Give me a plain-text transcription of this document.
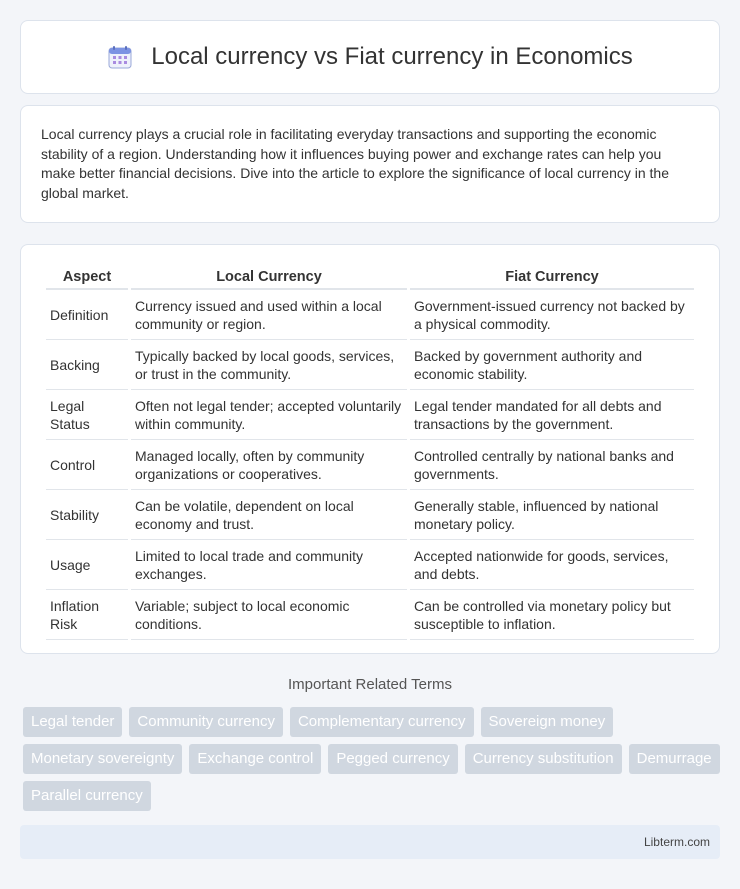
Local currency vs Fiat currency in Economics

Local currency plays a crucial role in facilitating everyday transactions and supporting the economic stability of a region. Understanding how it influences buying power and exchange rates can help you make better financial decisions. Dive into the article to explore the significance of local currency in the global market.

Aspect	Local Currency	Fiat Currency
Definition	Currency issued and used within a local community or region.	Government-issued currency not backed by a physical commodity.
Backing	Typically backed by local goods, services, or trust in the community.	Backed by government authority and economic stability.
Legal Status	Often not legal tender; accepted voluntarily within community.	Legal tender mandated for all debts and transactions by the government.
Control	Managed locally, often by community organizations or cooperatives.	Controlled centrally by national banks and governments.
Stability	Can be volatile, dependent on local economy and trust.	Generally stable, influenced by national monetary policy.
Usage	Limited to local trade and community exchanges.	Accepted nationwide for goods, services, and debts.
Inflation Risk	Variable; subject to local economic conditions.	Can be controlled via monetary policy but susceptible to inflation.
Important Related Terms
Legal tender	Community currency	Complementary currency	Sovereign money
Monetary sovereignty	Exchange control	Pegged currency	Currency substitution	Demurrage
Parallel currency
Libterm.com
